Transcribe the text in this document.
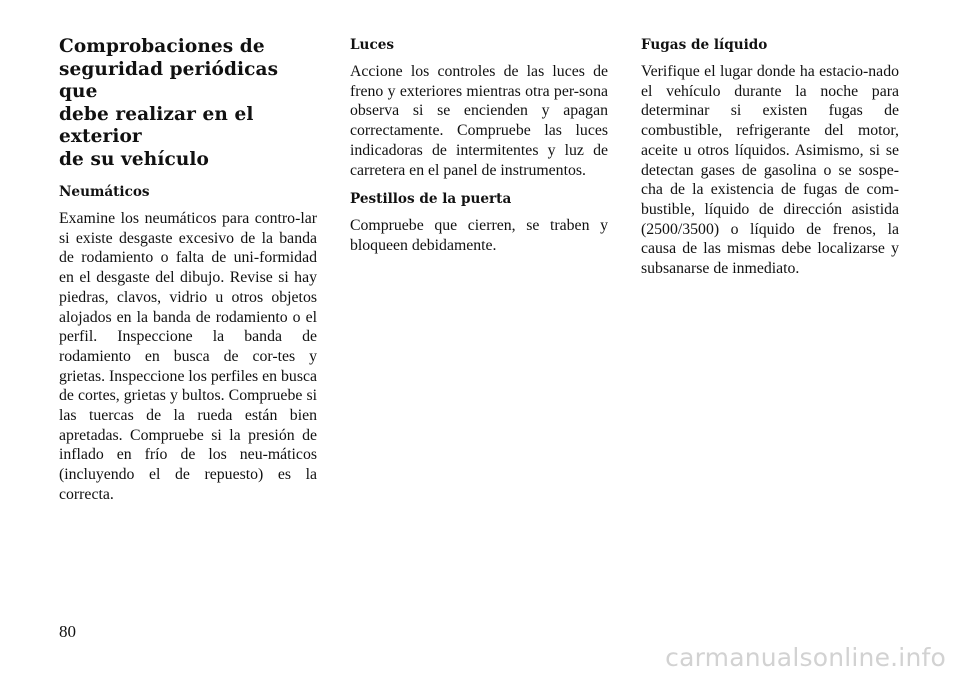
Comprobaciones de
seguridad periódicas que
debe realizar en el exterior
de su vehículo
Neumáticos

Examine los neumáticos para contro-lar si existe desgaste excesivo de la banda de rodamiento o falta de uni-formidad en el desgaste del dibujo. Revise si hay piedras, clavos, vidrio u otros objetos alojados en la banda de rodamiento o el perfil. Inspeccione la banda de rodamiento en busca de cor-tes y grietas. Inspeccione los perfiles en busca de cortes, grietas y bultos. Compruebe si las tuercas de la rueda están bien apretadas. Compruebe si la presión de inflado en frío de los neu-máticos (incluyendo el de repuesto) es la correcta.

Luces

Accione los controles de las luces de freno y exteriores mientras otra per-sona observa si se encienden y apagan correctamente. Compruebe las luces indicadoras de intermitentes y luz de carretera en el panel de instrumentos.

Pestillos de la puerta

Compruebe que cierren, se traben y bloqueen debidamente.

Fugas de líquido

Verifique el lugar donde ha estacio-nado el vehículo durante la noche para determinar si existen fugas de combustible, refrigerante del motor, aceite u otros líquidos. Asimismo, si se detectan gases de gasolina o se sospe-cha de la existencia de fugas de com-bustible, líquido de dirección asistida (2500/3500) o líquido de frenos, la causa de las mismas debe localizarse y subsanarse de inmediato.

80
carmanualsonline.info
